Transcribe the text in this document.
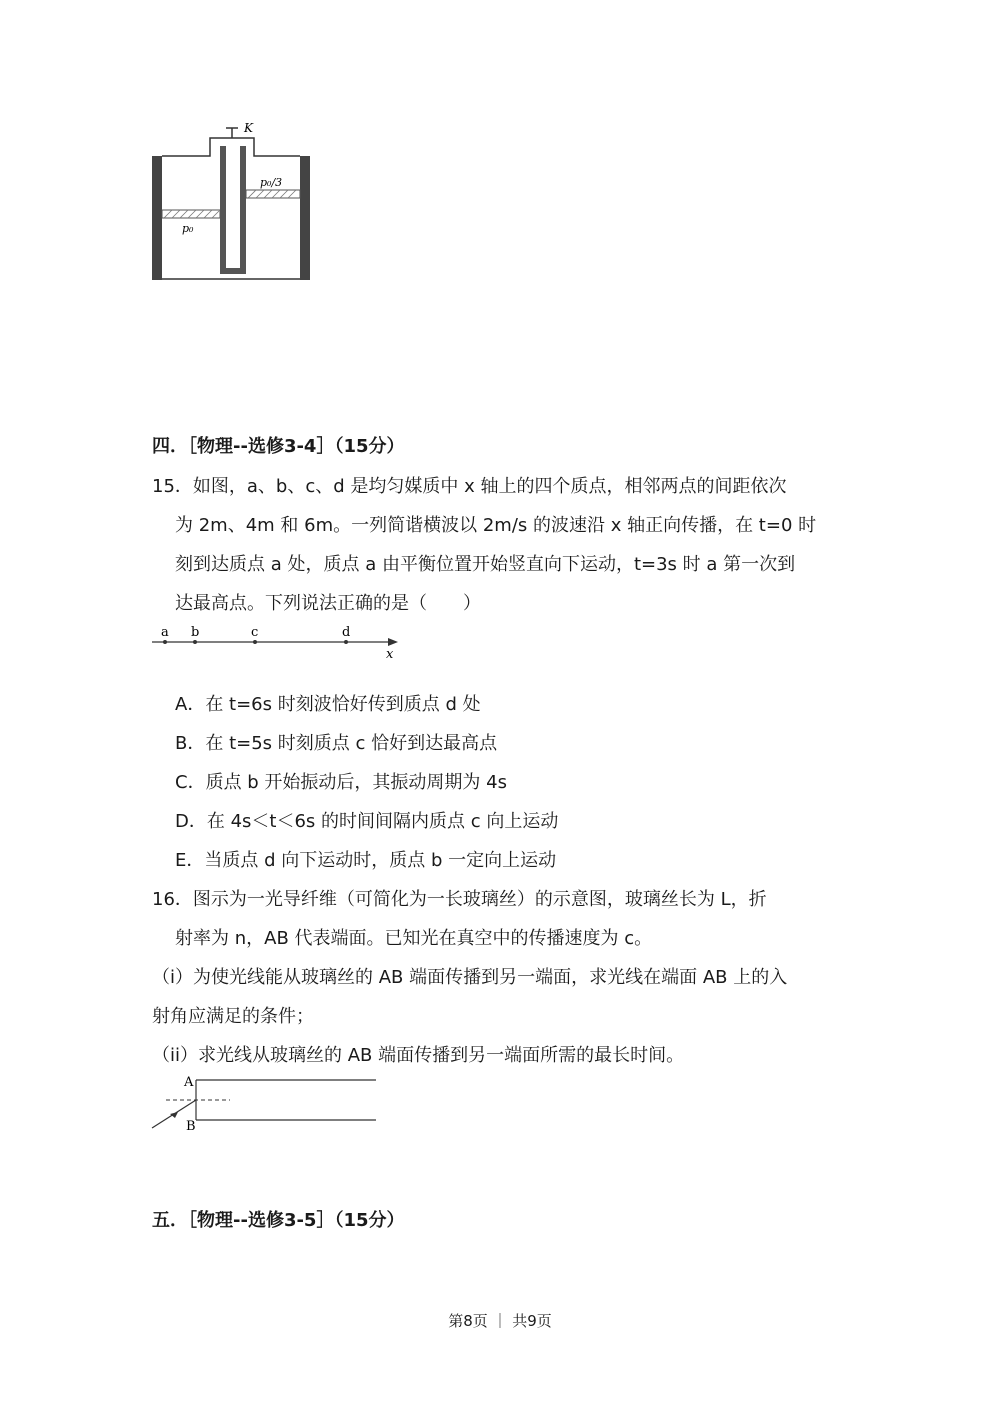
K
p₀/3
p₀
四．［物理--选修3-4］（15分）
15．如图，a、b、c、d 是均匀媒质中 x 轴上的四个质点，相邻两点的间距依次
为 2m、4m 和 6m。一列简谐横波以 2m/s 的波速沿 x 轴正向传播，在 t=0 时
刻到达质点 a 处，质点 a 由平衡位置开始竖直向下运动，t=3s 时 a 第一次到
达最高点。下列说法正确的是（　　）
a b	c	d
x
A．在 t=6s 时刻波恰好传到质点 d 处
B．在 t=5s 时刻质点 c 恰好到达最高点
C．质点 b 开始振动后，其振动周期为 4s
D．在 4s＜t＜6s 的时间间隔内质点 c 向上运动
E．当质点 d 向下运动时，质点 b 一定向上运动
16．图示为一光导纤维（可简化为一长玻璃丝）的示意图，玻璃丝长为 L，折
射率为 n，AB 代表端面。已知光在真空中的传播速度为 c。
（i）为使光线能从玻璃丝的 AB 端面传播到另一端面，求光线在端面 AB 上的入
射角应满足的条件；
（ii）求光线从玻璃丝的 AB 端面传播到另一端面所需的最长时间。
A
B
五．［物理--选修3-5］（15分）
第8页 ｜ 共9页
